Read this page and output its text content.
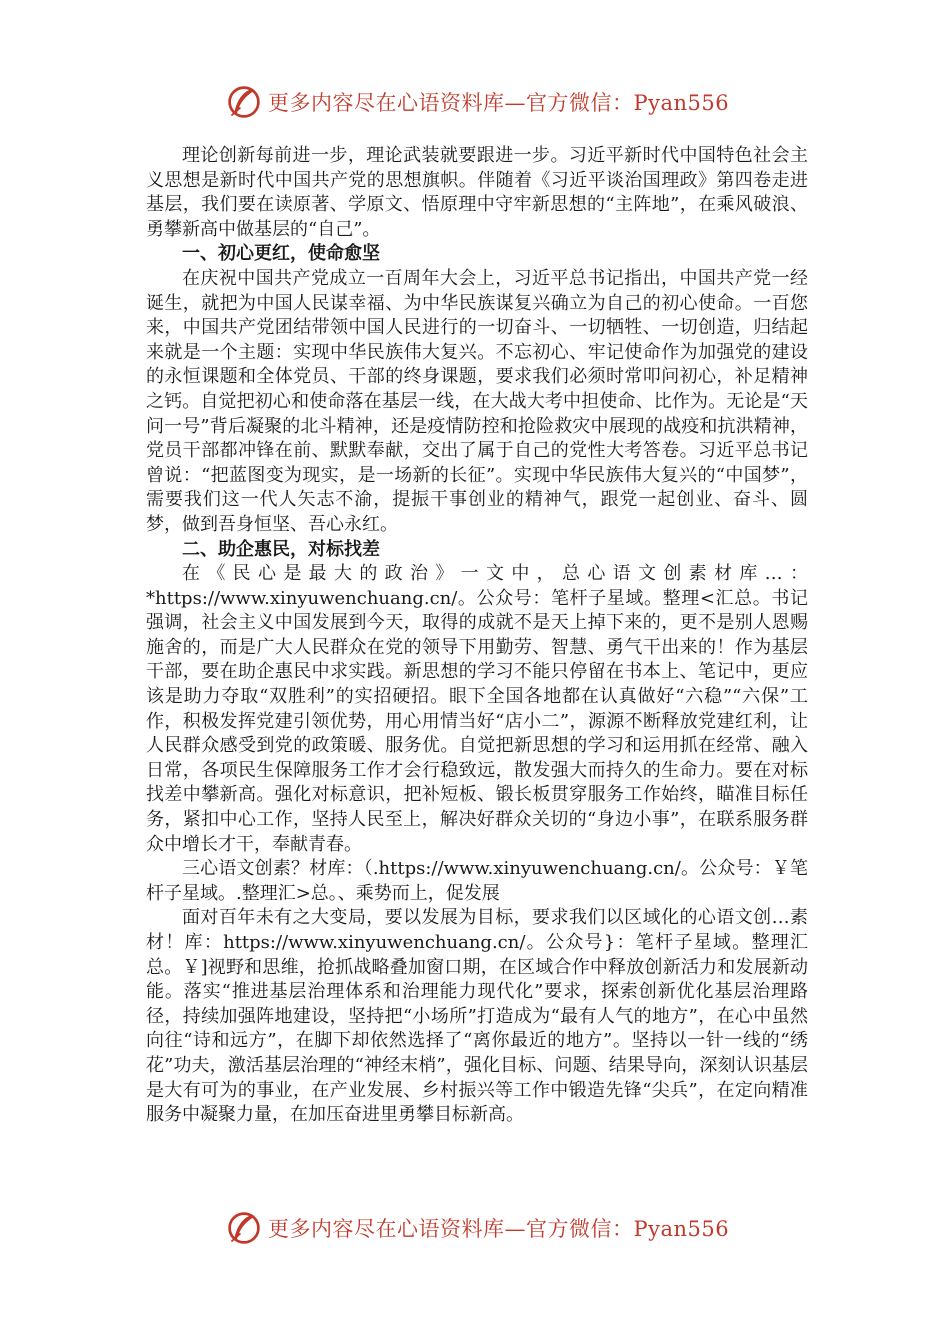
更多内容尽在心语资料库—官方微信：Pyan556

理论创新每前进一步，理论武装就要跟进一步。习近平新时代中国特色社会主义思想是新时代中国共产党的思想旗帜。伴随着《习近平谈治国理政》第四卷走进基层，我们要在读原著、学原文、悟原理中守牢新思想的“主阵地”，在乘风破浪、勇攀新高中做基层的“自己”。

一、初心更红，使命愈坚

在庆祝中国共产党成立一百周年大会上，习近平总书记指出，中国共产党一经诞生，就把为中国人民谋幸福、为中华民族谋复兴确立为自己的初心使命。一百您来，中国共产党团结带领中国人民进行的一切奋斗、一切牺牲、一切创造，归结起来就是一个主题：实现中华民族伟大复兴。不忘初心、牢记使命作为加强党的建设的永恒课题和全体党员、干部的终身课题，要求我们必须时常叩问初心，补足精神之钙。自觉把初心和使命落在基层一线，在大战大考中担使命、比作为。无论是“天问一号”背后凝聚的北斗精神，还是疫情防控和抢险救灾中展现的战疫和抗洪精神，党员干部都冲锋在前、默默奉献，交出了属于自己的党性大考答卷。习近平总书记曾说：“把蓝图变为现实，是一场新的长征”。实现中华民族伟大复兴的“中国梦”，需要我们这一代人矢志不渝，提振干事创业的精神气，跟党一起创业、奋斗、圆梦，做到吾身恒坚、吾心永红。

二、助企惠民，对标找差

在《民心是最大的政治》一文中，总心语文创素材库…：*https://www.xinyuwenchuang.cn/。公众号：笔杆子星域。整理<汇总。书记强调，社会主义中国发展到今天，取得的成就不是天上掉下来的，更不是别人恩赐施舍的，而是广大人民群众在党的领导下用勤劳、智慧、勇气干出来的！作为基层干部，要在助企惠民中求实践。新思想的学习不能只停留在书本上、笔记中，更应该是助力夺取“双胜利”的实招硬招。眼下全国各地都在认真做好“六稳”“六保”工作，积极发挥党建引领优势，用心用情当好“店小二”，源源不断释放党建红利，让人民群众感受到党的政策暖、服务优。自觉把新思想的学习和运用抓在经常、融入日常，各项民生保障服务工作才会行稳致远，散发强大而持久的生命力。要在对标找差中攀新高。强化对标意识，把补短板、锻长板贯穿服务工作始终，瞄准目标任务，紧扣中心工作，坚持人民至上，解决好群众关切的“身边小事”，在联系服务群众中增长才干，奉献青春。

三心语文创素？材库：（.https://www.xinyuwenchuang.cn/。公众号：￥笔杆子星域。.整理汇>总。、乘势而上，促发展

面对百年未有之大变局，要以发展为目标，要求我们以区域化的心语文创…素材！库：https://www.xinyuwenchuang.cn/。公众号}：笔杆子星域。整理汇总。￥]视野和思维，抢抓战略叠加窗口期，在区域合作中释放创新活力和发展新动能。落实“推进基层治理体系和治理能力现代化”要求，探索创新优化基层治理路径，持续加强阵地建设，坚持把“小场所”打造成为“最有人气的地方”，在心中虽然向往“诗和远方”，在脚下却依然选择了“离你最近的地方”。坚持以一针一线的“绣花”功夫，激活基层治理的“神经末梢”，强化目标、问题、结果导向，深刻认识基层是大有可为的事业，在产业发展、乡村振兴等工作中锻造先锋“尖兵”，在定向精准服务中凝聚力量，在加压奋进里勇攀目标新高。

更多内容尽在心语资料库—官方微信：Pyan556
